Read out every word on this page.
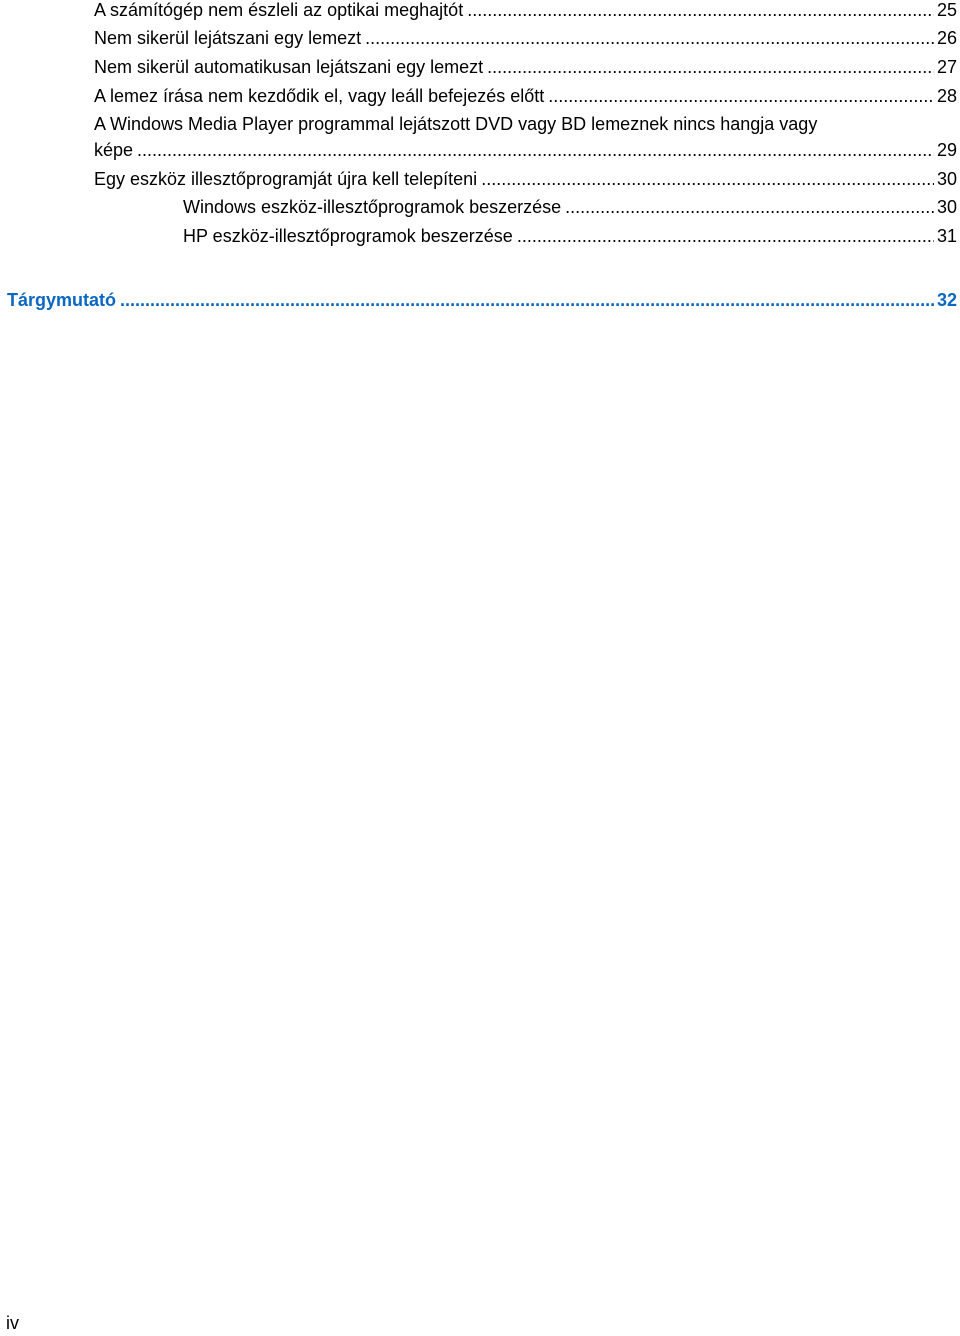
A számítógép nem észleli az optikai meghajtót .....	25
Nem sikerül lejátszani egy lemezt .....	26
Nem sikerül automatikusan lejátszani egy lemezt .....	27
A lemez írása nem kezdődik el, vagy leáll befejezés előtt .....	28
A Windows Media Player programmal lejátszott DVD vagy BD lemeznek nincs hangja vagy
képe .....	29
Egy eszköz illesztőprogramját újra kell telepíteni .....	30
Windows eszköz-illesztőprogramok beszerzése .....	30
HP eszköz-illesztőprogramok beszerzése .....	31
Tárgymutató .....	32
iv
